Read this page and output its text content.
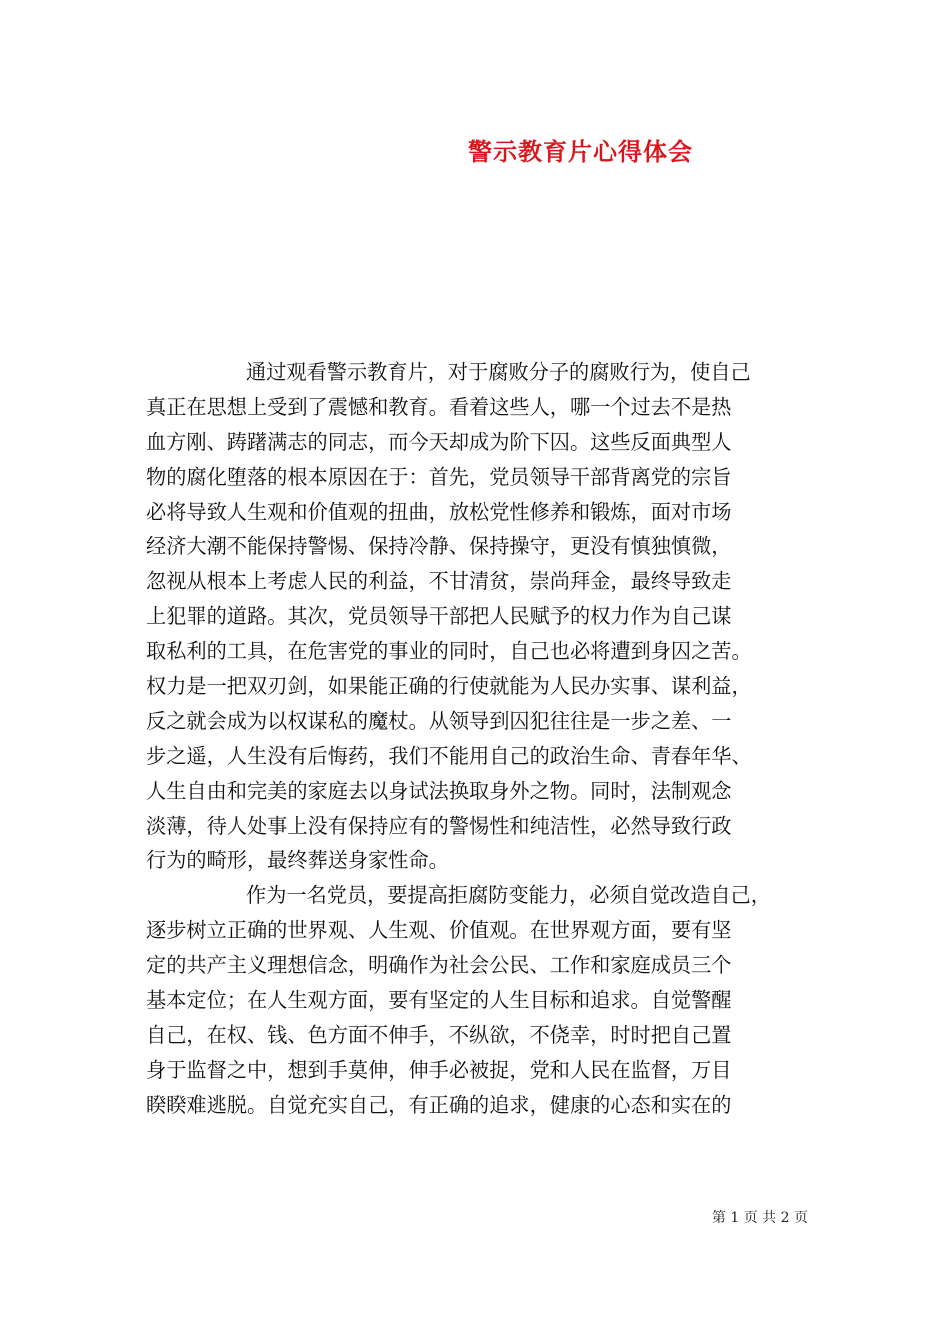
警示教育片心得体会

通过观看警示教育片，对于腐败分子的腐败行为，使自己
真正在思想上受到了震憾和教育。看着这些人，哪一个过去不是热
血方刚、踌躇满志的同志，而今天却成为阶下囚。这些反面典型人
物的腐化堕落的根本原因在于：首先，党员领导干部背离党的宗旨
必将导致人生观和价值观的扭曲，放松党性修养和锻炼，面对市场
经济大潮不能保持警惕、保持冷静、保持操守，更没有慎独慎微，
忽视从根本上考虑人民的利益，不甘清贫，崇尚拜金，最终导致走
上犯罪的道路。其次，党员领导干部把人民赋予的权力作为自己谋
取私利的工具，在危害党的事业的同时，自己也必将遭到身囚之苦。
权力是一把双刃剑，如果能正确的行使就能为人民办实事、谋利益，
反之就会成为以权谋私的魔杖。从领导到囚犯往往是一步之差、一
步之遥，人生没有后悔药，我们不能用自己的政治生命、青春年华、
人生自由和完美的家庭去以身试法换取身外之物。同时，法制观念
淡薄，待人处事上没有保持应有的警惕性和纯洁性，必然导致行政
行为的畸形，最终葬送身家性命。

作为一名党员，要提高拒腐防变能力，必须自觉改造自己，
逐步树立正确的世界观、人生观、价值观。在世界观方面，要有坚
定的共产主义理想信念，明确作为社会公民、工作和家庭成员三个
基本定位；在人生观方面，要有坚定的人生目标和追求。自觉警醒
自己，在权、钱、色方面不伸手，不纵欲，不侥幸，时时把自己置
身于监督之中，想到手莫伸，伸手必被捉，党和人民在监督，万目
睽睽难逃脱。自觉充实自己，有正确的追求，健康的心态和实在的

第 1 页 共 2 页
